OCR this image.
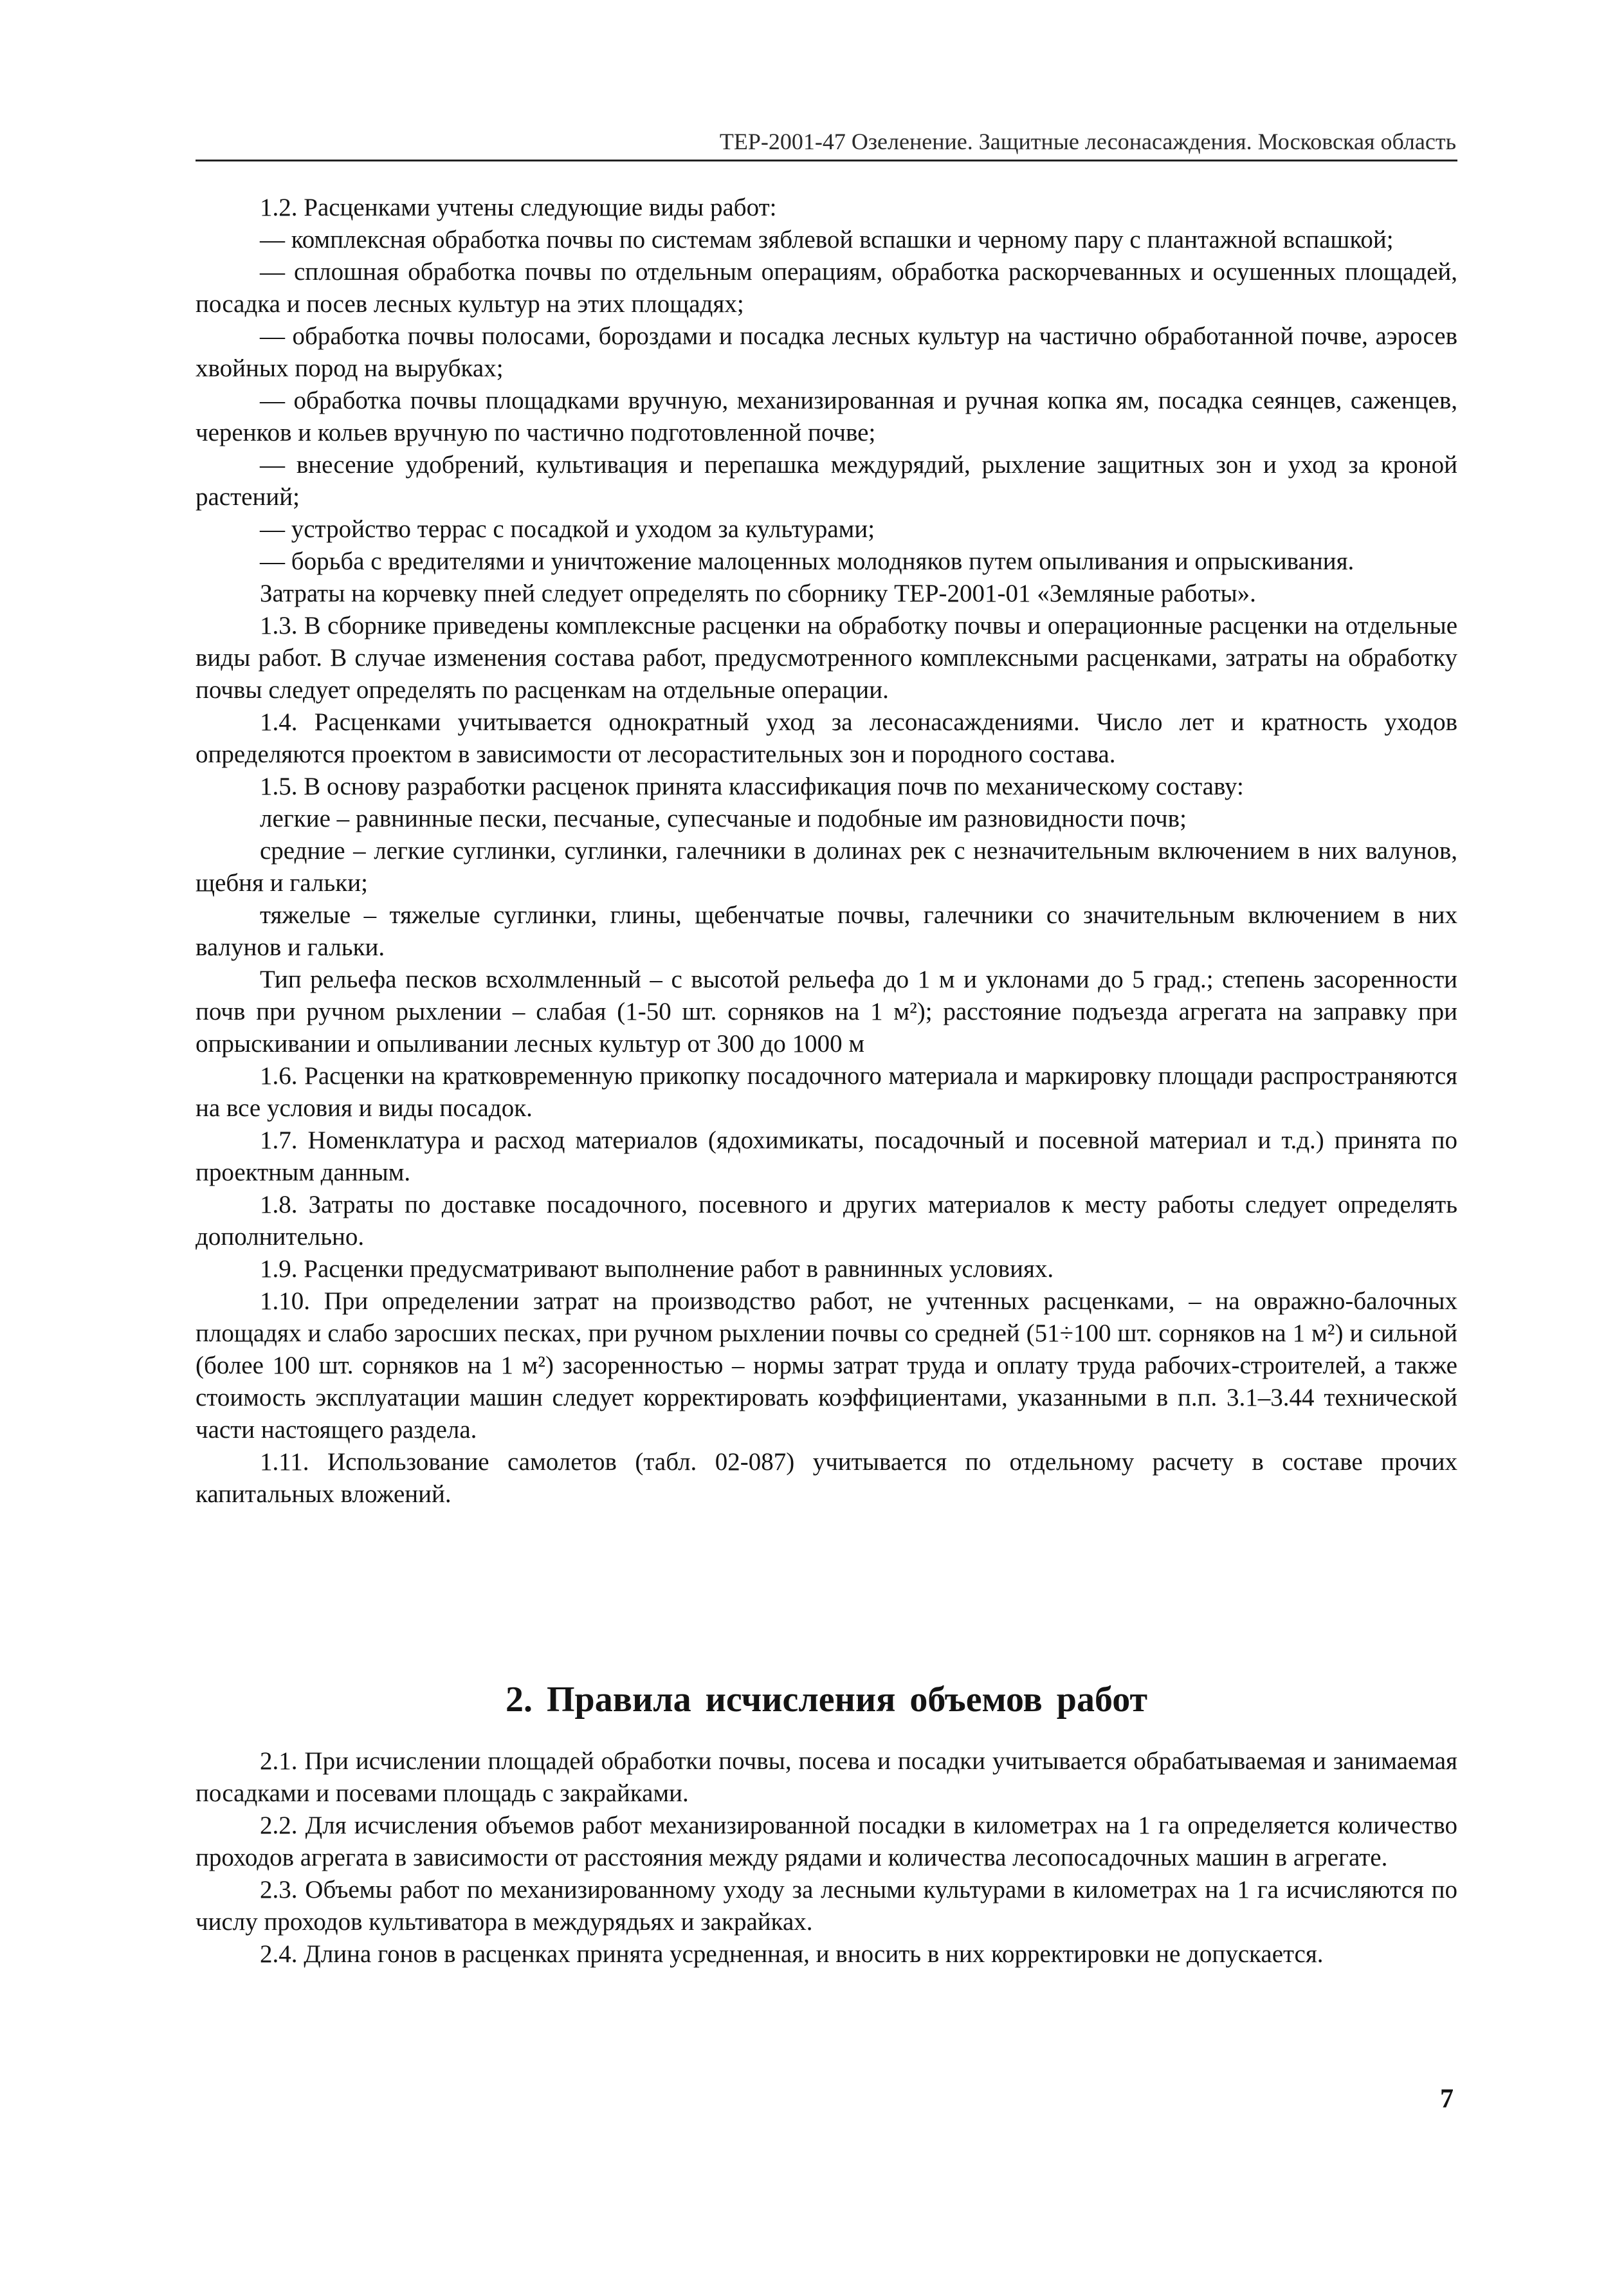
ТЕР-2001-47 Озеленение. Защитные лесонасаждения. Московская область

1.2. Расценками учтены следующие виды работ:

— комплексная обработка почвы по системам зяблевой вспашки и черному пару с плантажной вспашкой;

— сплошная обработка почвы по отдельным операциям, обработка раскорчеванных и осушенных площадей, посадка и посев лесных культур на этих площадях;

— обработка почвы полосами, бороздами и посадка лесных культур на частично обработанной почве, аэросев хвойных пород на вырубках;

— обработка почвы площадками вручную, механизированная и ручная копка ям, посадка сеянцев, саженцев, черенков и кольев вручную по частично подготовленной почве;

— внесение удобрений, культивация и перепашка междурядий, рыхление защитных зон и уход за кроной растений;

— устройство террас с посадкой и уходом за культурами;

— борьба с вредителями и уничтожение малоценных молодняков путем опыливания и опрыскивания.

Затраты на корчевку пней следует определять по сборнику ТЕР-2001-01 «Земляные работы».

1.3. В сборнике приведены комплексные расценки на обработку почвы и операционные расценки на отдельные виды работ. В случае изменения состава работ, предусмотренного комплексными расценками, затраты на обработку почвы следует определять по расценкам на отдельные операции.

1.4. Расценками учитывается однократный уход за лесонасаждениями. Число лет и кратность уходов определяются проектом в зависимости от лесорастительных зон и породного состава.

1.5. В основу разработки расценок принята классификация почв по механическому составу:

легкие – равнинные пески, песчаные, супесчаные и подобные им разновидности почв;

средние – легкие суглинки, суглинки, галечники в долинах рек с незначительным включением в них валунов, щебня и гальки;

тяжелые – тяжелые суглинки, глины, щебенчатые почвы, галечники со значительным включением в них валунов и гальки.

Тип рельефа песков всхолмленный – с высотой рельефа до 1 м и уклонами до 5 град.; степень засоренности почв при ручном рыхлении – слабая (1-50 шт. сорняков на 1 м²); расстояние подъезда агрегата на заправку при опрыскивании и опыливании лесных культур от 300 до 1000 м

1.6. Расценки на кратковременную прикопку посадочного материала и маркировку площади распространяются на все условия и виды посадок.

1.7. Номенклатура и расход материалов (ядохимикаты, посадочный и посевной материал и т.д.) принята по проектным данным.

1.8. Затраты по доставке посадочного, посевного и других материалов к месту работы следует определять дополнительно.

1.9. Расценки предусматривают выполнение работ в равнинных условиях.

1.10. При определении затрат на производство работ, не учтенных расценками, – на овражно-балочных площадях и слабо заросших песках, при ручном рыхлении почвы со средней (51÷100 шт. сорняков на 1 м²) и сильной (более 100 шт. сорняков на 1 м²) засоренностью – нормы затрат труда и оплату труда рабочих-строителей, а также стоимость эксплуатации машин следует корректировать коэффициентами, указанными в п.п. 3.1–3.44 технической части настоящего раздела.

1.11. Использование самолетов (табл. 02-087) учитывается по отдельному расчету в составе прочих капитальных вложений.

2. Правила исчисления объемов работ

2.1. При исчислении площадей обработки почвы, посева и посадки учитывается обрабатываемая и занимаемая посадками и посевами площадь с закрайками.

2.2. Для исчисления объемов работ механизированной посадки в километрах на 1 га определяется количество проходов агрегата в зависимости от расстояния между рядами и количества лесопосадочных машин в агрегате.

2.3. Объемы работ по механизированному уходу за лесными культурами в километрах на 1 га исчисляются по числу проходов культиватора в междурядьях и закрайках.

2.4. Длина гонов в расценках принята усредненная, и вносить в них корректировки не допускается.

7
